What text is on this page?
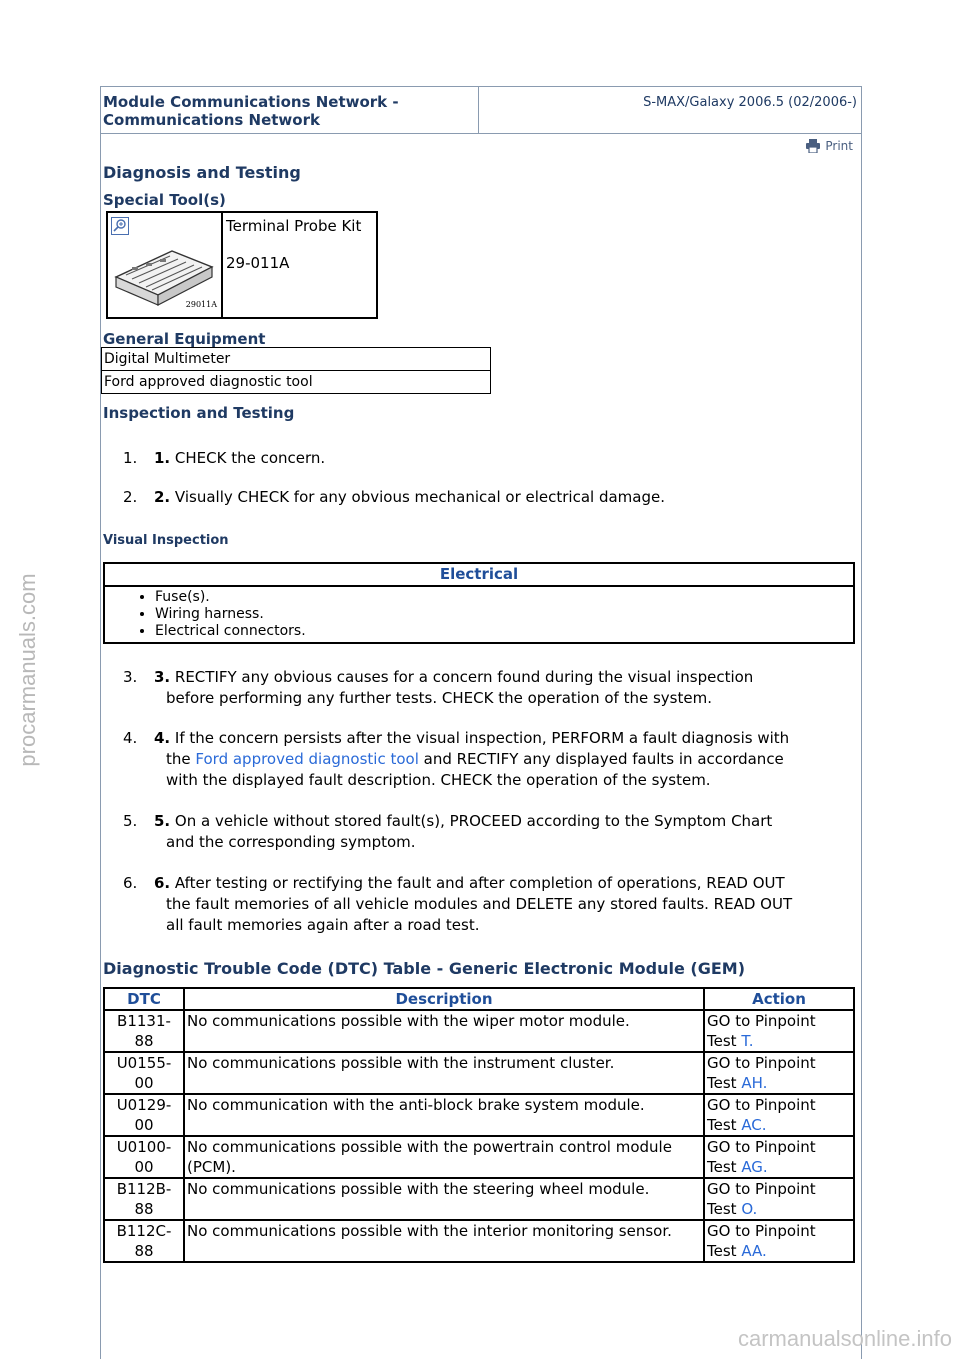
procarmanuals.com
Module Communications Network -
Communications Network
S-MAX/Galaxy 2006.5 (02/2006-)
Print
Diagnosis and Testing
Special Tool(s)
29011A

Terminal Probe Kit

29-011A

General Equipment
Digital Multimeter
Ford approved diagnostic tool
Inspection and Testing
1. 1. CHECK the concern.
2. 2. Visually CHECK for any obvious mechanical or electrical damage.
Visual Inspection
Electrical
• Fuse(s).
• Wiring harness.
• Electrical connectors.
3. 3. RECTIFY any obvious causes for a concern found during the visual inspection
before performing any further tests. CHECK the operation of the system.
4. 4. If the concern persists after the visual inspection, PERFORM a fault diagnosis with
the Ford approved diagnostic tool and RECTIFY any displayed faults in accordance
with the displayed fault description. CHECK the operation of the system.
5. 5. On a vehicle without stored fault(s), PROCEED according to the Symptom Chart
and the corresponding symptom.
6. 6. After testing or rectifying the fault and after completion of operations, READ OUT
the fault memories of all vehicle modules and DELETE any stored faults. READ OUT
all fault memories again after a road test.
Diagnostic Trouble Code (DTC) Table - Generic Electronic Module (GEM)
DTC	Description	Action
B1131-
88	No communications possible with the wiper motor module.	GO to Pinpoint
Test T.
U0155-
00	No communications possible with the instrument cluster.	GO to Pinpoint
Test AH.
U0129-
00	No communication with the anti-block brake system module.	GO to Pinpoint
Test AC.
U0100-
00	No communications possible with the powertrain control module (PCM).	GO to Pinpoint
Test AG.
B112B-
88	No communications possible with the steering wheel module.	GO to Pinpoint
Test O.
B112C-
88	No communications possible with the interior monitoring sensor.	GO to Pinpoint
Test AA.
carmanualsonline.info
